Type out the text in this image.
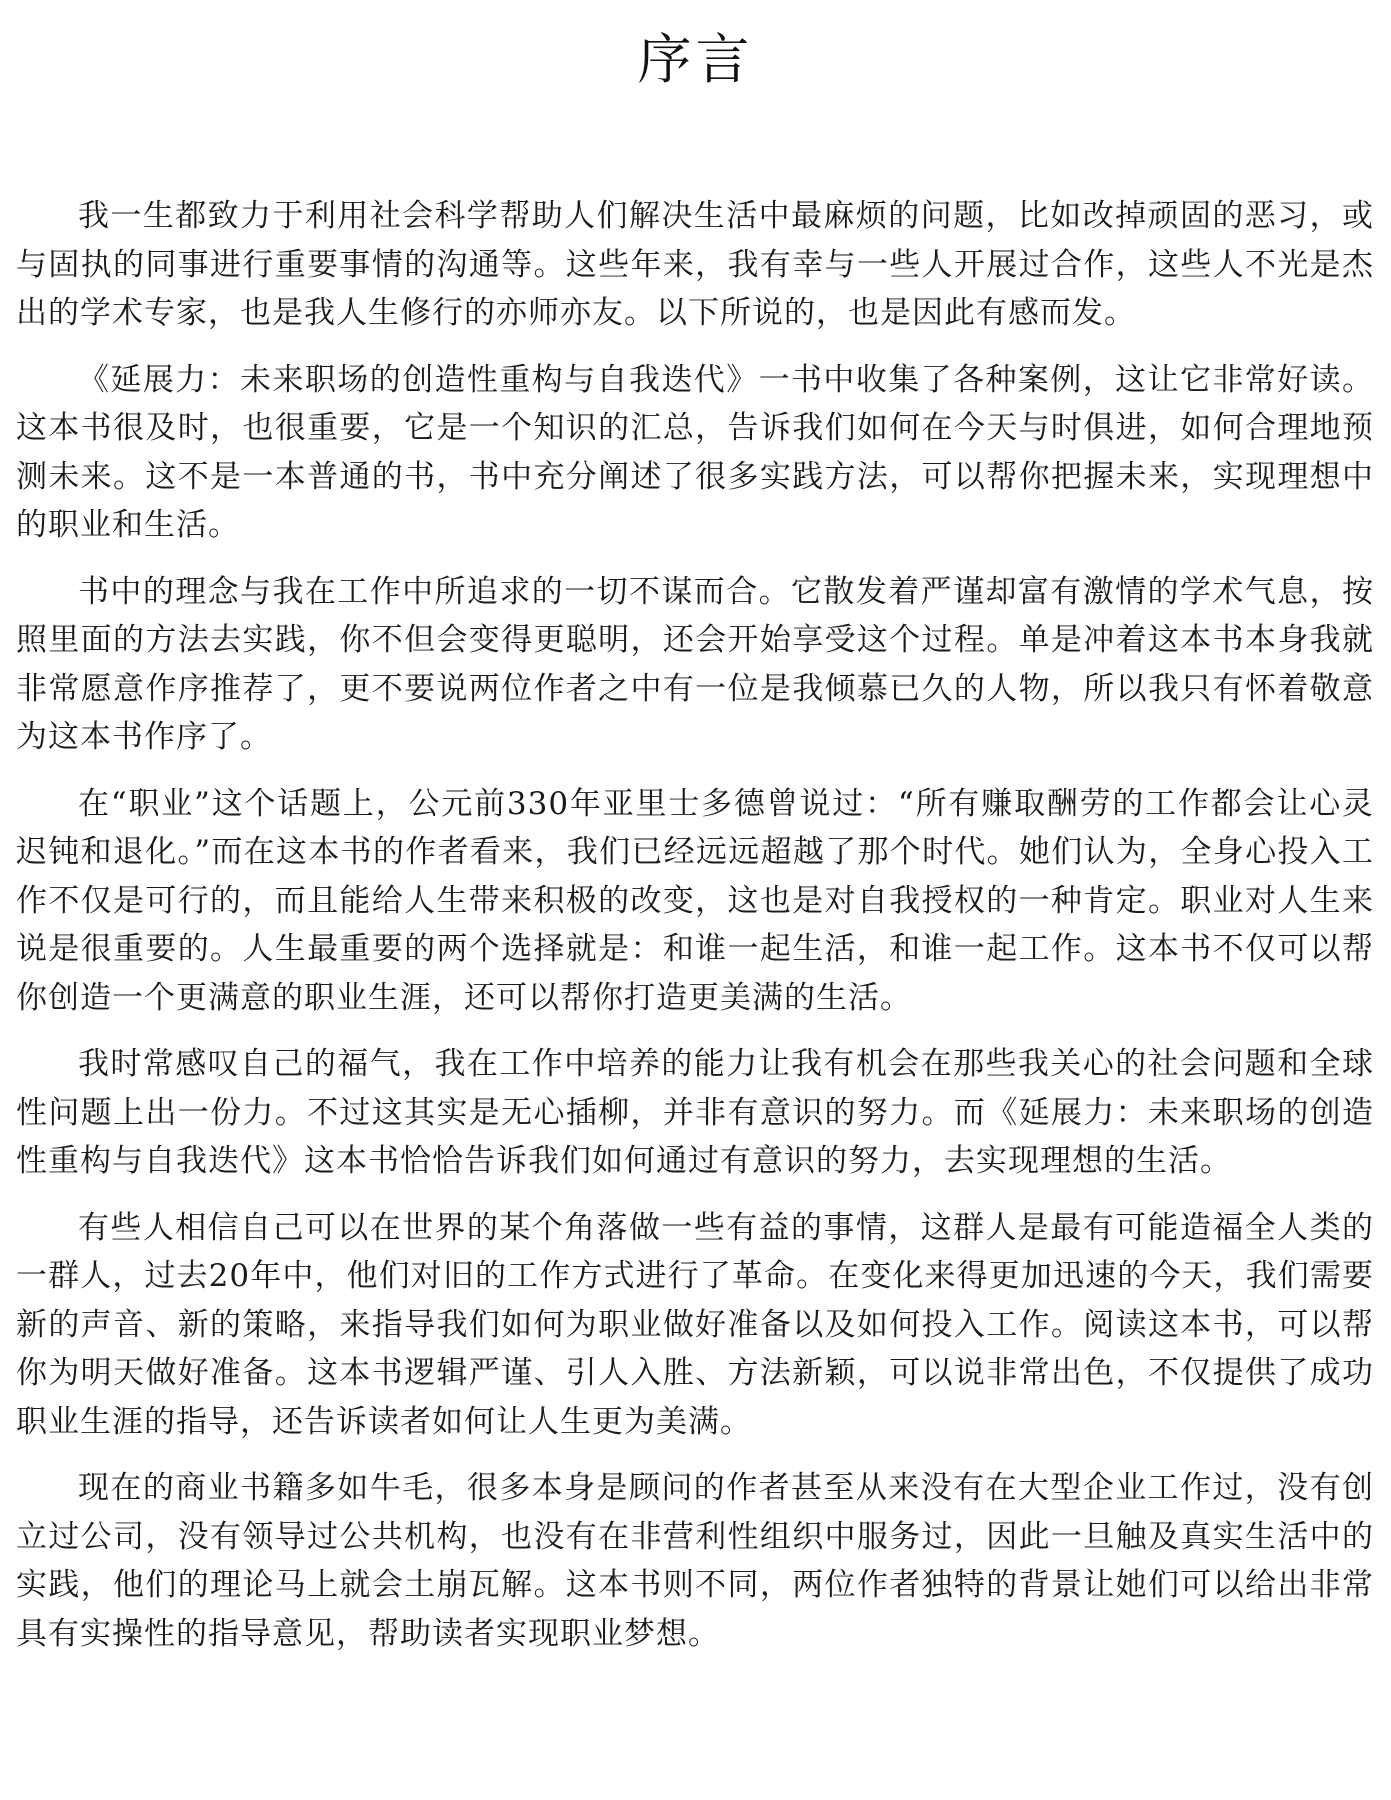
序言

我一生都致力于利用社会科学帮助人们解决生活中最麻烦的问题，比如改掉顽固的恶习，或与固执的同事进行重要事情的沟通等。这些年来，我有幸与一些人开展过合作，这些人不光是杰出的学术专家，也是我人生修行的亦师亦友。以下所说的，也是因此有感而发。

《延展力：未来职场的创造性重构与自我迭代》一书中收集了各种案例，这让它非常好读。这本书很及时，也很重要，它是一个知识的汇总，告诉我们如何在今天与时俱进，如何合理地预测未来。这不是一本普通的书，书中充分阐述了很多实践方法，可以帮你把握未来，实现理想中的职业和生活。

书中的理念与我在工作中所追求的一切不谋而合。它散发着严谨却富有激情的学术气息，按照里面的方法去实践，你不但会变得更聪明，还会开始享受这个过程。单是冲着这本书本身我就非常愿意作序推荐了，更不要说两位作者之中有一位是我倾慕已久的人物，所以我只有怀着敬意为这本书作序了。

在“职业”这个话题上，公元前330年亚里士多德曾说过：“所有赚取酬劳的工作都会让心灵迟钝和退化。”而在这本书的作者看来，我们已经远远超越了那个时代。她们认为，全身心投入工作不仅是可行的，而且能给人生带来积极的改变，这也是对自我授权的一种肯定。职业对人生来说是很重要的。人生最重要的两个选择就是：和谁一起生活，和谁一起工作。这本书不仅可以帮你创造一个更满意的职业生涯，还可以帮你打造更美满的生活。

我时常感叹自己的福气，我在工作中培养的能力让我有机会在那些我关心的社会问题和全球性问题上出一份力。不过这其实是无心插柳，并非有意识的努力。而《延展力：未来职场的创造性重构与自我迭代》这本书恰恰告诉我们如何通过有意识的努力，去实现理想的生活。

有些人相信自己可以在世界的某个角落做一些有益的事情，这群人是最有可能造福全人类的一群人，过去20年中，他们对旧的工作方式进行了革命。在变化来得更加迅速的今天，我们需要新的声音、新的策略，来指导我们如何为职业做好准备以及如何投入工作。阅读这本书，可以帮你为明天做好准备。这本书逻辑严谨、引人入胜、方法新颖，可以说非常出色，不仅提供了成功职业生涯的指导，还告诉读者如何让人生更为美满。

现在的商业书籍多如牛毛，很多本身是顾问的作者甚至从来没有在大型企业工作过，没有创立过公司，没有领导过公共机构，也没有在非营利性组织中服务过，因此一旦触及真实生活中的实践，他们的理论马上就会土崩瓦解。这本书则不同，两位作者独特的背景让她们可以给出非常具有实操性的指导意见，帮助读者实现职业梦想。
